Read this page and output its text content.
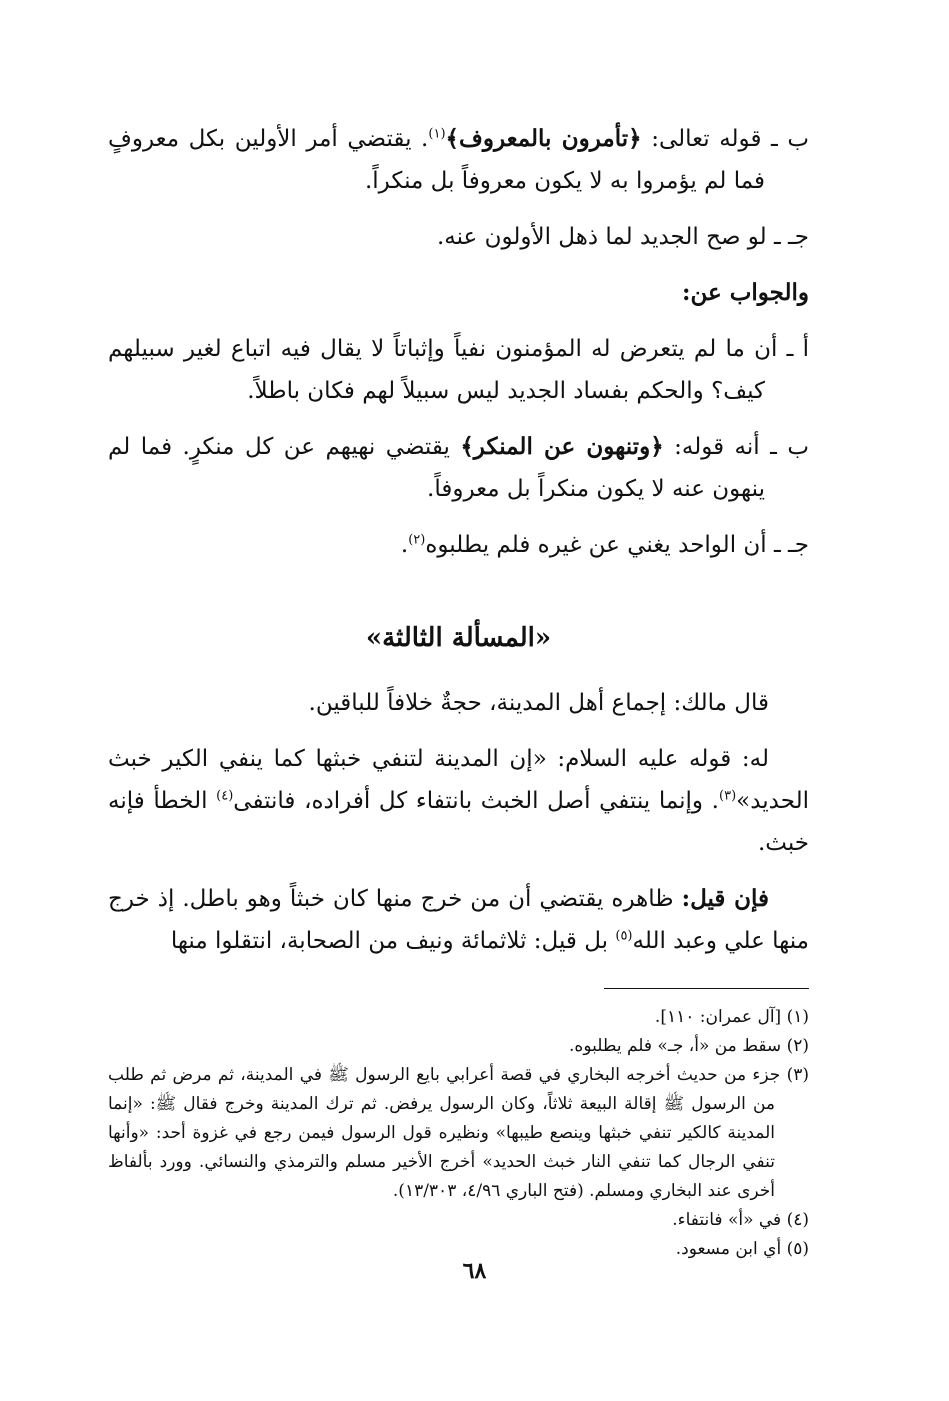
ب ـ قوله تعالى: ﴿تأمرون بالمعروف﴾$^{(١)}$. يقتضي أمر الأولين بكل معروفٍ فما لم يؤمروا به لا يكون معروفاً بل منكراً.

جـ ـ لو صح الجديد لما ذهل الأولون عنه.

والجواب عن:

أ ـ أن ما لم يتعرض له المؤمنون نفياً وإثباتاً لا يقال فيه اتباع لغير سبيلهم كيف؟ والحكم بفساد الجديد ليس سبيلاً لهم فكان باطلاً.

ب ـ أنه قوله: ﴿وتنهون عن المنكر﴾ يقتضي نهيهم عن كل منكرٍ. فما لم ينهون عنه لا يكون منكراً بل معروفاً.

جـ ـ أن الواحد يغني عن غيره فلم يطلبوه$^{(٢)}$.

«المسألة الثالثة»

قال مالك: إجماع أهل المدينة، حجةٌ خلافاً للباقين.

له: قوله عليه السلام: «إن المدينة لتنفي خبثها كما ينفي الكير خبث الحديد»$^{(٣)}$. وإنما ينتفي أصل الخبث بانتفاء كل أفراده، فانتفى$^{(٤)}$ الخطأ فإنه خبث.

فإن قيل: ظاهره يقتضي أن من خرج منها كان خبثاً وهو باطل. إذ خرج منها علي وعبد الله$^{(٥)}$ بل قيل: ثلاثمائة ونيف من الصحابة، انتقلوا منها

(١) [آل عمران: ١١٠].

(٢) سقط من «أ، جـ» فلم يطلبوه.

(٣) جزء من حديث أخرجه البخاري في قصة أعرابي بايع الرسول ﷺ في المدينة، ثم مرض ثم طلب من الرسول ﷺ إقالة البيعة ثلاثاً، وكان الرسول يرفض. ثم ترك المدينة وخرج فقال ﷺ: «إنما المدينة كالكير تنفي خبثها وينصع طيبها» ونظيره قول الرسول فيمن رجع في غزوة أحد: «وأنها تنفي الرجال كما تنفي النار خبث الحديد» أخرج الأخير مسلم والترمذي والنسائي. وورد بألفاظ أخرى عند البخاري ومسلم. (فتح الباري ٤/٩٦، ١٣/٣٠٣).

(٤) في «أ» فانتفاء.

(٥) أي ابن مسعود.

٦٨
